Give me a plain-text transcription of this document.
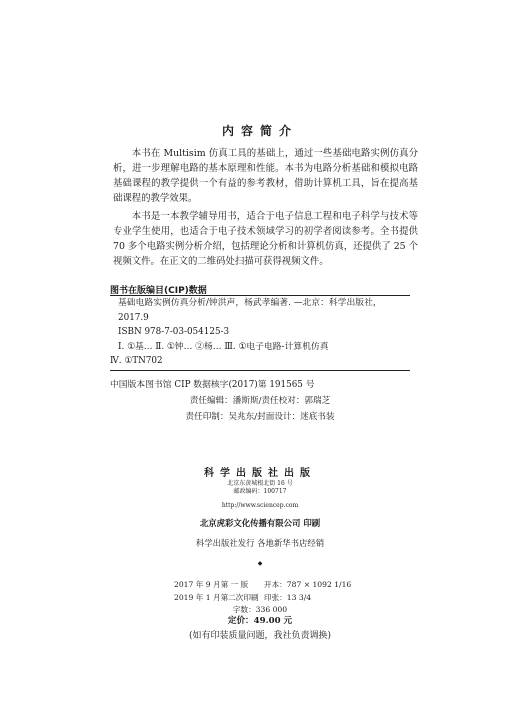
内容简介

本书在 Multisim 仿真工具的基础上，通过一些基础电路实例仿真分析，进一步理解电路的基本原理和性能。本书为电路分析基础和模拟电路基础课程的教学提供一个有益的参考教材，借助计算机工具，旨在提高基础课程的教学效果。

本书是一本教学辅导用书，适合于电子信息工程和电子科学与技术等专业学生使用，也适合于电子技术领域学习的初学者阅读参考。全书提供70 多个电路实例分析介绍，包括理论分析和计算机仿真，还提供了 25 个视频文件。在正文的二维码处扫描可获得视频文件。

图书在版编目(CIP)数据
基础电路实例仿真分析/钟洪声，杨武孝编著. —北京：科学出版社，
2017.9
ISBN 978-7-03-054125-3
Ⅰ. ①基… Ⅱ. ①钟… ②杨… Ⅲ. ①电子电路-计算机仿真
Ⅳ. ①TN702
中国版本图书馆 CIP 数据核字(2017)第 191565 号
责任编辑：潘斯斯/责任校对：郭瑞芝
责任印制：吴兆东/封面设计：迷底书装
科学出版社出版
北京东黄城根北街 16 号
邮政编码：100717
http://www.sciencep.com
北京虎彩文化传播有限公司 印刷
科学出版社发行 各地新华书店经销
◆
2017 年 9 月第 一 版	开本：787 × 1092 1/16
2019 年 1 月第二次印刷 印张：13 3/4
字数：336 000
定价：49.00 元
(如有印装质量问题，我社负责调换)
